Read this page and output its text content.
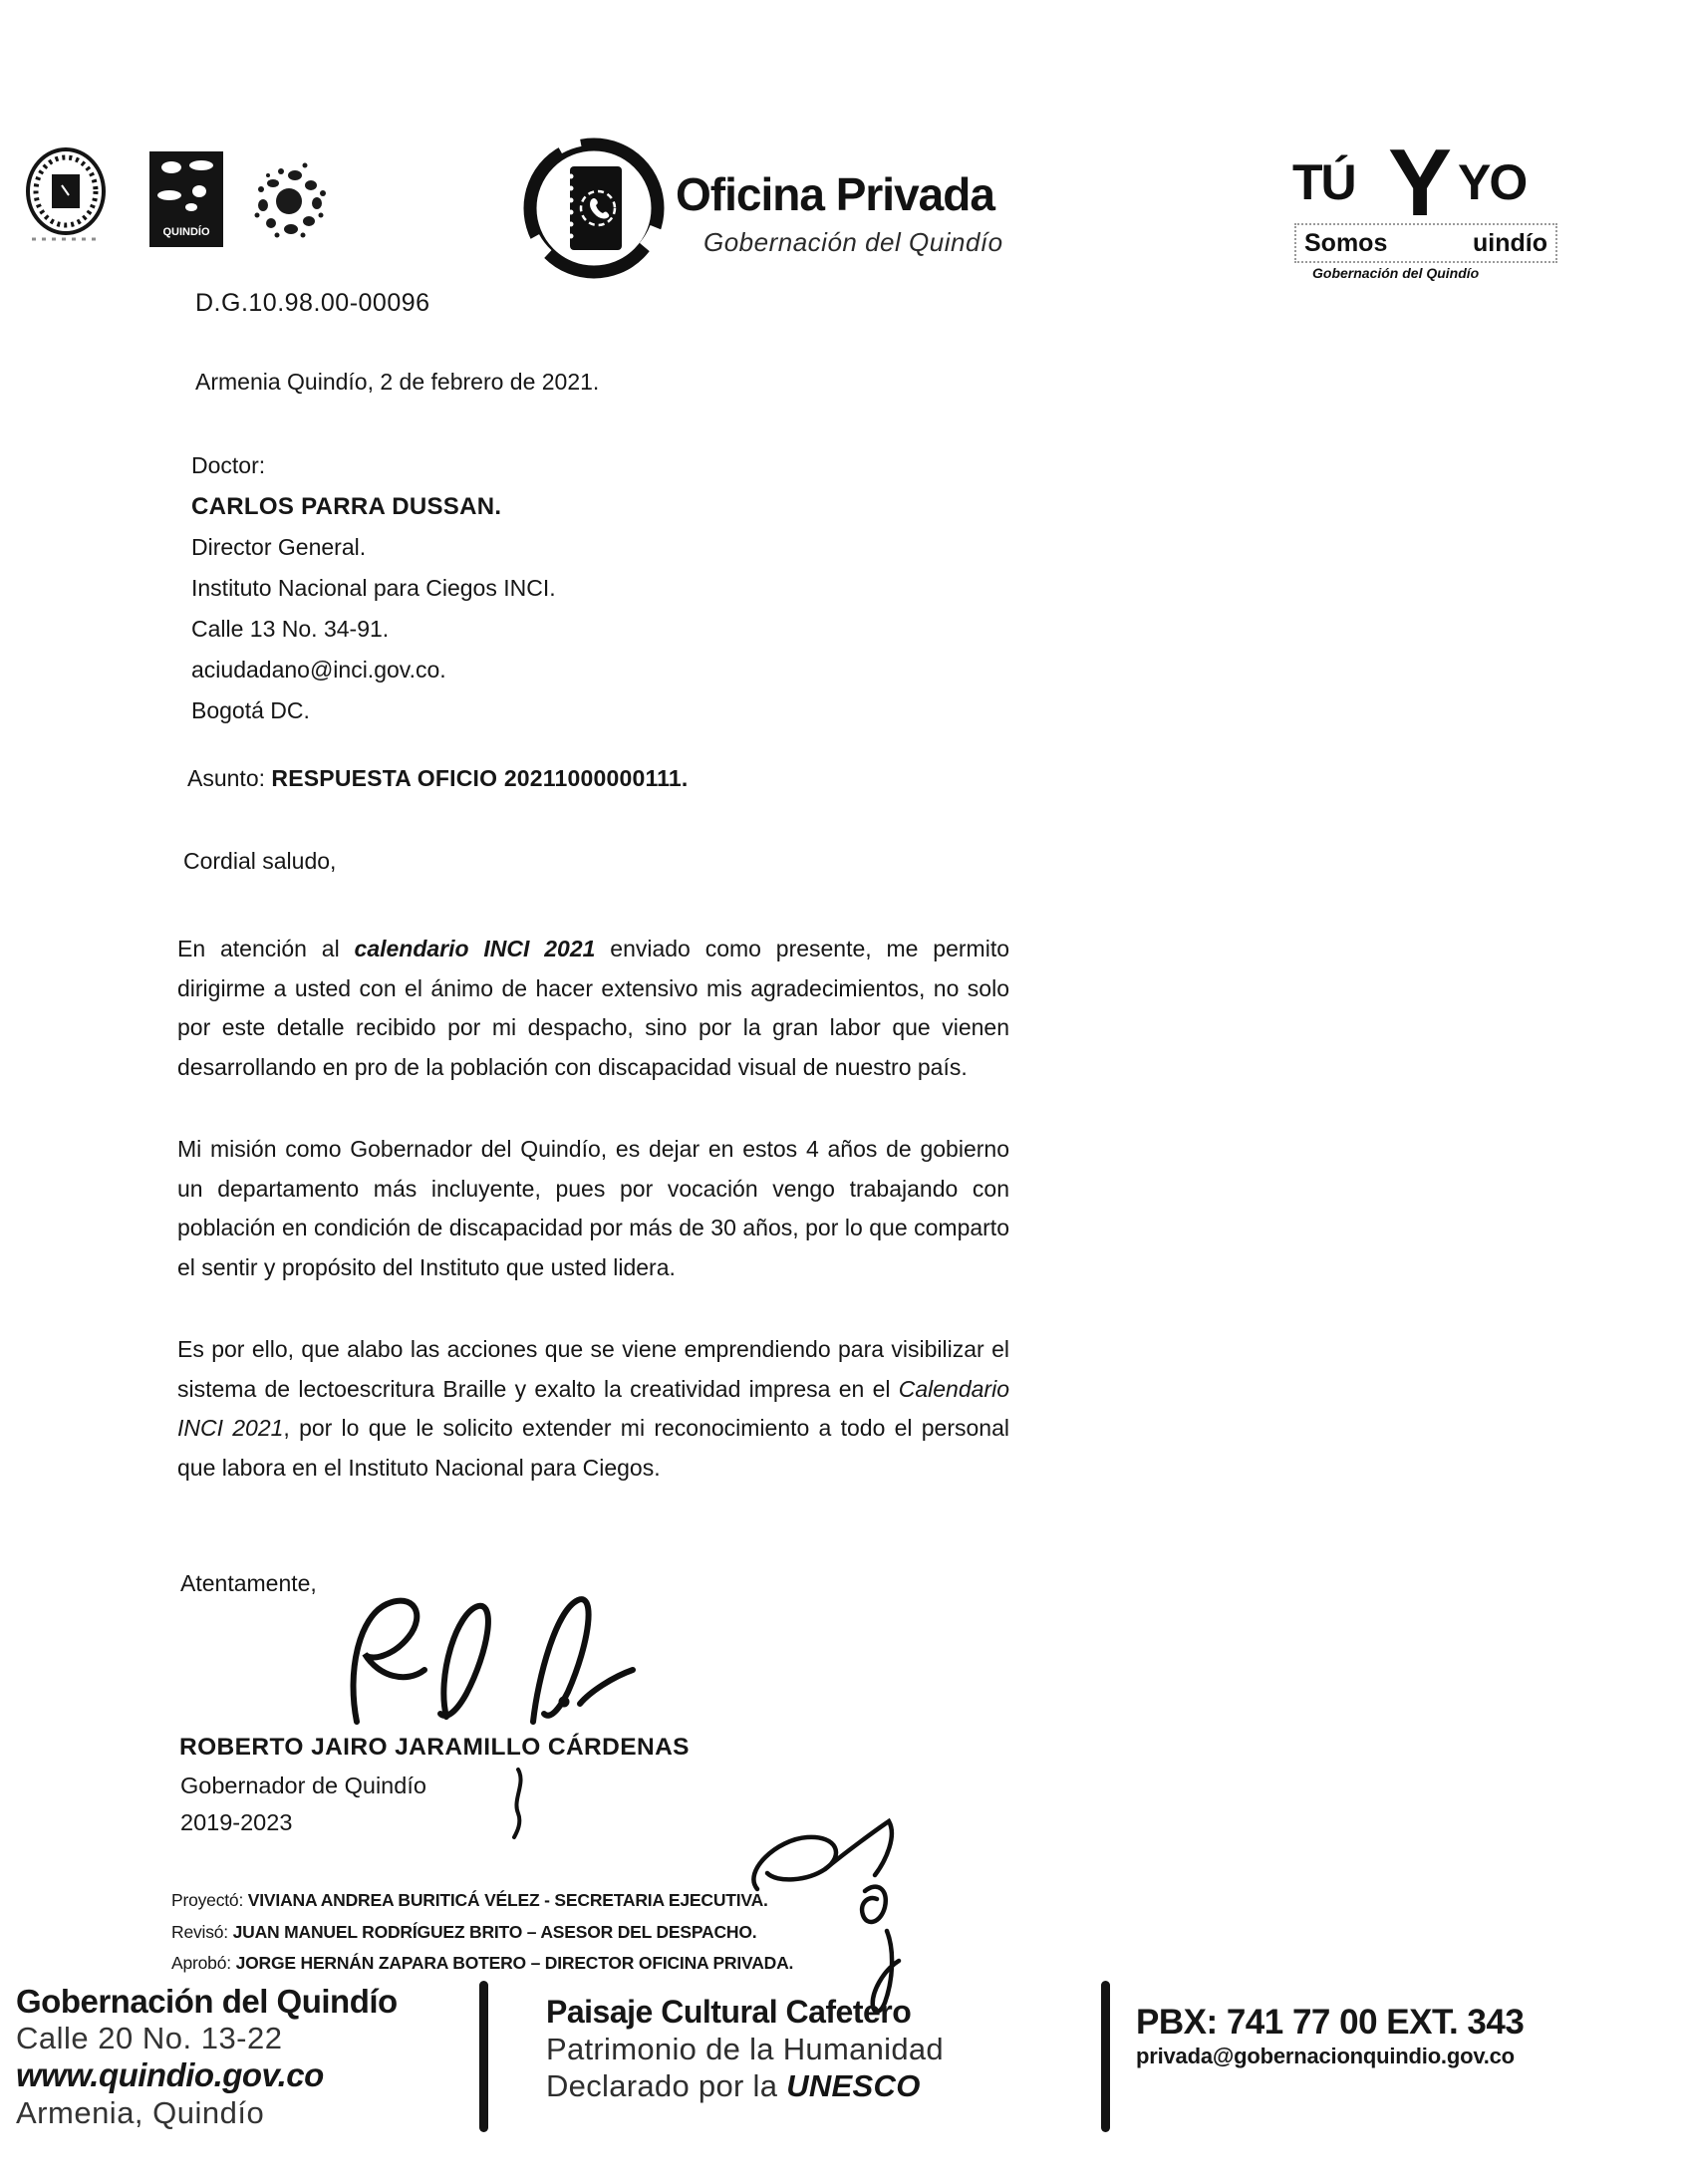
QUINDÍO
Oficina Privada
Gobernación del Quindío
TÚ Y YO
Somos	uindío
Gobernación del Quindío
D.G.10.98.00-00096
Armenia Quindío, 2 de febrero de 2021.
Doctor:
CARLOS PARRA DUSSAN.
Director General.
Instituto Nacional para Ciegos INCI.
Calle 13 No. 34-91.
aciudadano@inci.gov.co.
Bogotá DC.
Asunto: RESPUESTA OFICIO 20211000000111.
Cordial saludo,

En atención al calendario INCI 2021 enviado como presente, me permito dirigirme a usted con el ánimo de hacer extensivo mis agradecimientos, no solo por este detalle recibido por mi despacho, sino por la gran labor que vienen desarrollando en pro de la población con discapacidad visual de nuestro país.

Mi misión como Gobernador del Quindío, es dejar en estos 4 años de gobierno un departamento más incluyente, pues por vocación vengo trabajando con población en condición de discapacidad por más de 30 años, por lo que comparto el sentir y propósito del Instituto que usted lidera.

Es por ello, que alabo las acciones que se viene emprendiendo para visibilizar el sistema de lectoescritura Braille y exalto la creatividad impresa en el Calendario INCI 2021, por lo que le solicito extender mi reconocimiento a todo el personal que labora en el Instituto Nacional para Ciegos.

Atentamente,
ROBERTO JAIRO JARAMILLO CÁRDENAS
Gobernador de Quindío
2019-2023
Proyectó: VIVIANA ANDREA BURITICÁ VÉLEZ - SECRETARIA EJECUTIVA.
Revisó: JUAN MANUEL RODRÍGUEZ BRITO – ASESOR DEL DESPACHO.
Aprobó: JORGE HERNÁN ZAPARA BOTERO – DIRECTOR OFICINA PRIVADA.
Gobernación del Quindío
Calle 20 No. 13-22
www.quindio.gov.co
Armenia, Quindío
Paisaje Cultural Cafetero
Patrimonio de la Humanidad
Declarado por la UNESCO
PBX: 741 77 00 EXT. 343
privada@gobernacionquindio.gov.co
